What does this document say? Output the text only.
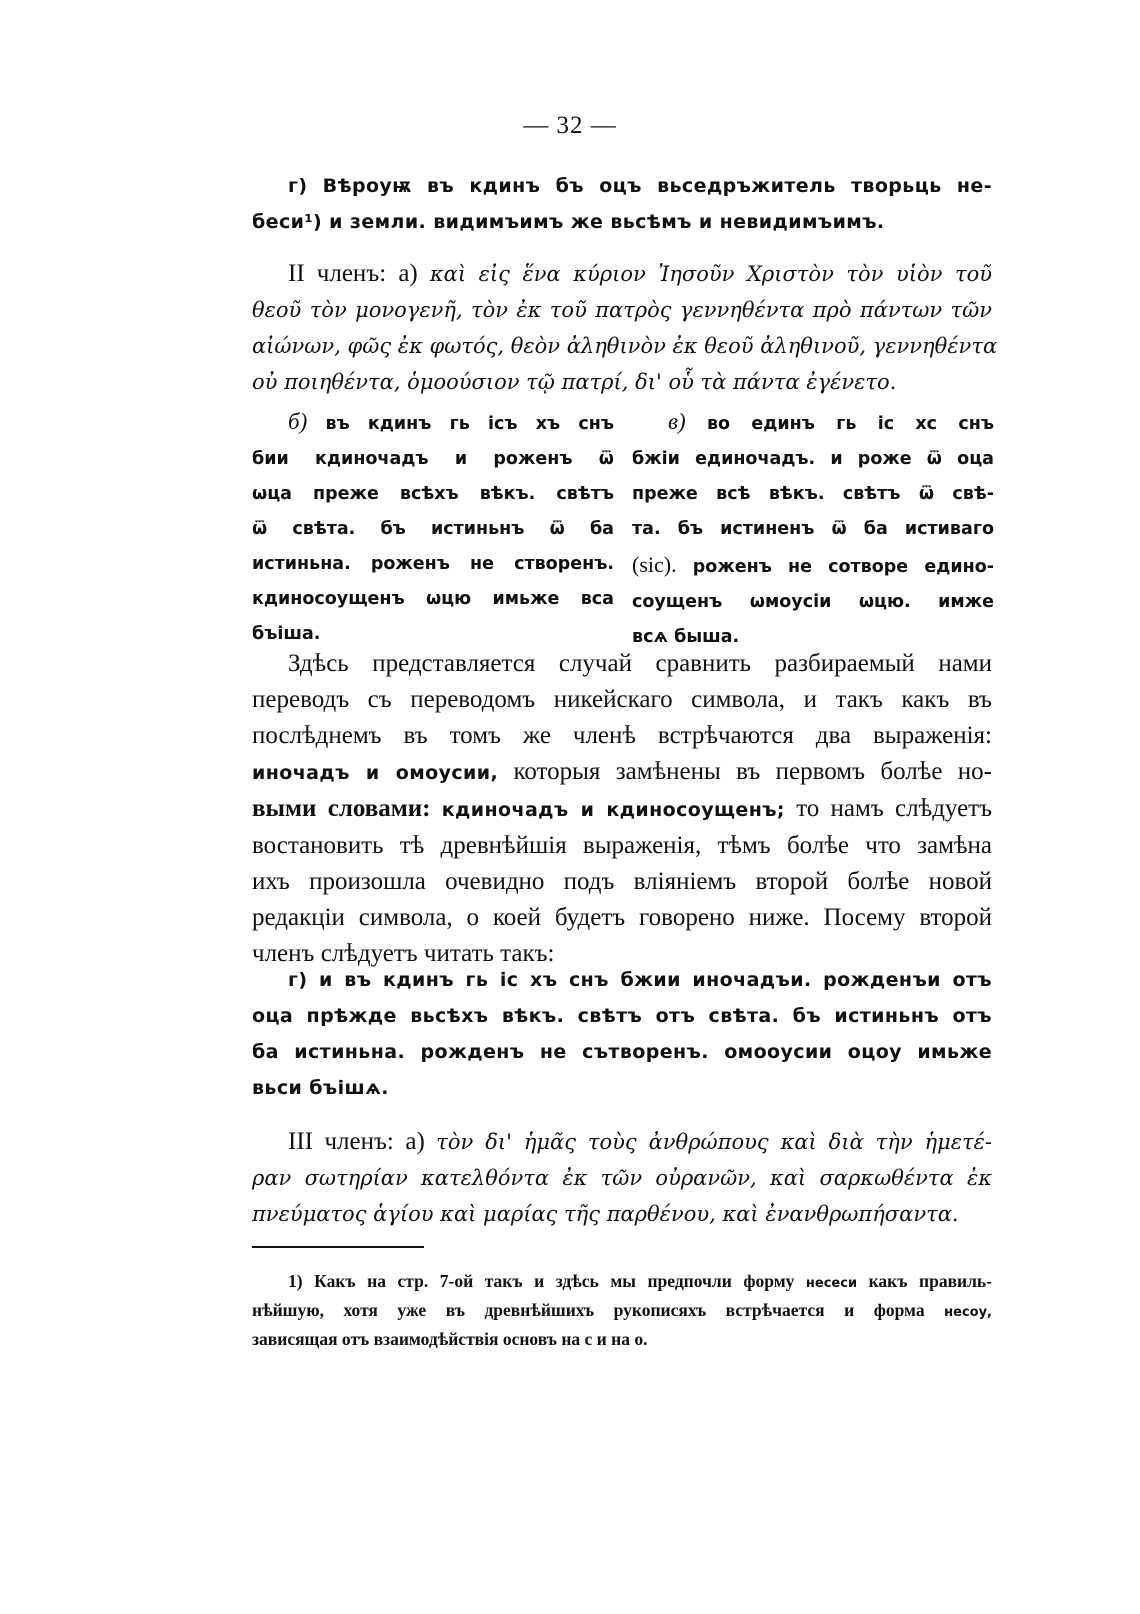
— 32 —

г) Вѣроуѭ въ кдинъ бъ оцъ вьседръжитель творьць не-
беси¹) и земли. видимъимъ же вьсѣмъ и невидимъимъ.

II членъ: а) καὶ εἰς ἕνα κύριον Ἰησοῦν Χριστὸν τὸν υἱὸν τοῦ
θεοῦ τὸν μονογενῆ, τὸν ἐκ τοῦ πατρὸς γεννηθέντα πρὸ πάντων τῶν
αἰώνων, φῶς ἐκ φωτός, θεὸν ἀληθινὸν ἐκ θεοῦ ἀληθινοῦ, γεννηθέντα
οὐ ποιηθέντα, ὁμοούσιον τῷ πατρί, δι' οὗ τὰ πάντα ἐγένετο.

б) въ кдинъ гь ісъ хъ снъ
бии кдиночадъ и роженъ ѿ
ѡца преже всѣхъ вѣкъ. свѣтъ
ѿ свѣта. бъ истиньнъ ѿ ба
истиньна. роженъ не створенъ.
кдиносоущенъ ѡцю имьже вса
бъіша.
в) во единъ гь іс хс снъ
бжіи единочадъ. и роже ѿ оца
преже всѣ вѣкъ. свѣтъ ѿ свѣ-
та. бъ истиненъ ѿ ба истиваго
(sic). роженъ не сотворе едино-
соущенъ ѡмоусіи ѡцю. имже
всѧ быша.

Здѣсь представляется случай сравнить разбираемый нами
переводъ съ переводомъ никейскаго символа, и такъ какъ въ
послѣднемъ въ томъ же членѣ встрѣчаются два выраженія:
иночадъ и омоусии, которыя замѣнены въ первомъ болѣе но-
выми словами: кдиночадъ и кдиносоущенъ; то намъ слѣдуетъ
востановить тѣ древнѣйшія выраженія, тѣмъ болѣе что замѣна
ихъ произошла очевидно подъ вліяніемъ второй болѣе новой
редакціи символа, о коей будетъ говорено ниже. Посему второй
членъ слѣдуетъ читать такъ:

г) и въ кдинъ гь іс хъ снъ бжии иночадъи. рожденъи отъ
оца прѣжде вьсѣхъ вѣкъ. свѣтъ отъ свѣта. бъ истиньнъ отъ
ба истиньна. рожденъ не сътворенъ. омооусии оцоу имьже
вьси бъішѧ.

III членъ: а) τὸν δι' ἡμᾶς τοὺς ἀνθρώπους καὶ διὰ τὴν ἡμετέ-
ραν σωτηρίαν κατελθόντα ἐκ τῶν οὐρανῶν, καὶ σαρκωθέντα ἐκ
πνεύματος ἁγίου καὶ μαρίας τῆς παρθένου, καὶ ἐνανθρωπήσαντα.

1) Какъ на стр. 7-ой такъ и здѣсь мы предпочли форму несеси какъ правиль-
нѣйшую, хотя уже въ древнѣйшихъ рукописяхъ встрѣчается и форма несоу,
зависящая отъ взаимодѣйствія основъ на с и на о.
